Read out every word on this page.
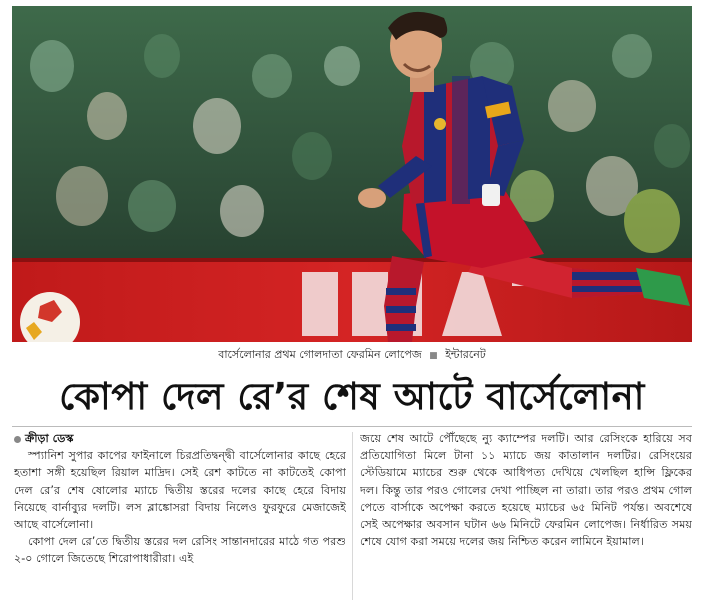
বার্সেলোনার প্রথম গোলদাতা ফেরমিন লোপেজ ■ ইন্টারনেট
কোপা দেল রে’র শেষ আটে বার্সেলোনা

ক্রীড়া ডেস্ক

স্প্যানিশ সুপার কাপের ফাইনালে চিরপ্রতিদ্বন্দ্বী বার্সেলোনার কাছে হেরে হতাশা সঙ্গী হয়েছিল রিয়াল মাদ্রিদ। সেই রেশ কাটতে না কাটতেই কোপা দেল রে’র শেষ ষোলোর ম্যাচে দ্বিতীয় স্তরের দলের কাছে হেরে বিদায় নিয়েছে বার্নাব্যুর দলটি। লস ব্লাঙ্কোসরা বিদায় নিলেও ফুরফুরে মেজাজেই আছে বার্সেলোনা।

কোপা দেল রে’তে দ্বিতীয় স্তরের দল রেসিং সান্তানদারের মাঠে গত পরশু ২-০ গোলে জিতেছে শিরোপাধারীরা। এই

জয়ে শেষ আটে পৌঁছেছে ন্যু ক্যাম্পের দলটি। আর রেসিংকে হারিয়ে সব প্রতিযোগিতা মিলে টানা ১১ ম্যাচে জয় কাতালান দলটির। রেসিংয়ের স্টেডিয়ামে ম্যাচের শুরু থেকে আধিপত্য দেখিয়ে খেলছিল হান্সি ফ্লিকের দল। কিন্তু তার পরও গোলের দেখা পাচ্ছিল না তারা। তার পরও প্রথম গোল পেতে বার্সাকে অপেক্ষা করতে হয়েছে ম্যাচের ৬৫ মিনিট পর্যন্ত। অবশেষে সেই অপেক্ষার অবসান ঘটান ৬৬ মিনিটে ফেরমিন লোপেজ। নির্ধারিত সময় শেষে যোগ করা সময়ে দলের জয় নিশ্চিত করেন লামিনে ইয়ামাল।
